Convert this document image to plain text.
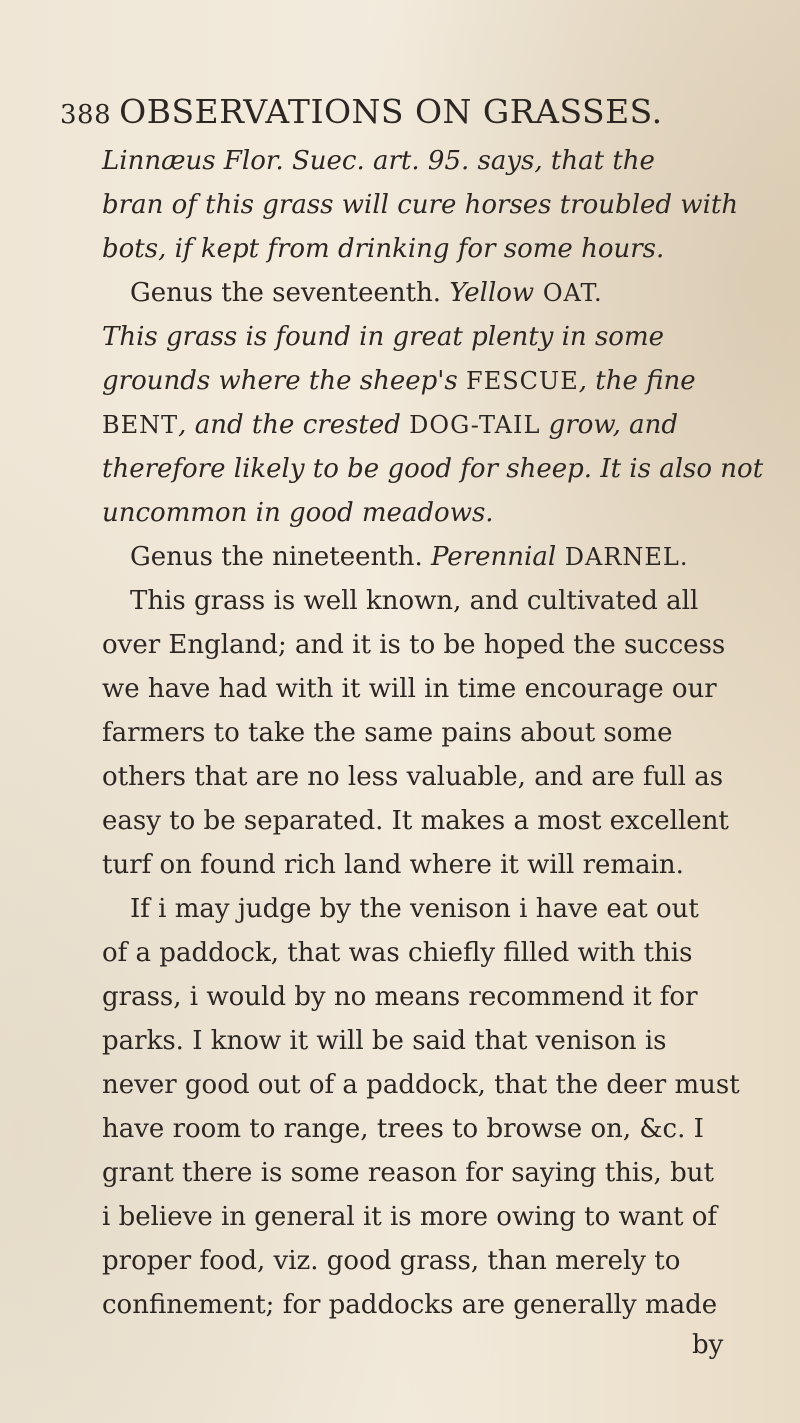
388 OBSERVATIONS ON GRASSES.
Linnæus Flor. Suec. art. 95. says, that the
bran of this grass will cure horses troubled with
bots, if kept from drinking for some hours.
Genus the seventeenth. Yellow OAT.
This grass is found in great plenty in some
grounds where the sheep's FESCUE, the fine
BENT, and the crested DOG-TAIL grow, and
therefore likely to be good for sheep. It is also not
uncommon in good meadows.
Genus the nineteenth. Perennial DARNEL.
This grass is well known, and cultivated all
over England; and it is to be hoped the success
we have had with it will in time encourage our
farmers to take the same pains about some
others that are no less valuable, and are full as
easy to be separated. It makes a most excellent
turf on found rich land where it will remain.
If i may judge by the venison i have eat out
of a paddock, that was chiefly filled with this
grass, i would by no means recommend it for
parks. I know it will be said that venison is
never good out of a paddock, that the deer must
have room to range, trees to browse on, &c. I
grant there is some reason for saying this, but
i believe in general it is more owing to want of
proper food, viz. good grass, than merely to
confinement; for paddocks are generally made
by
